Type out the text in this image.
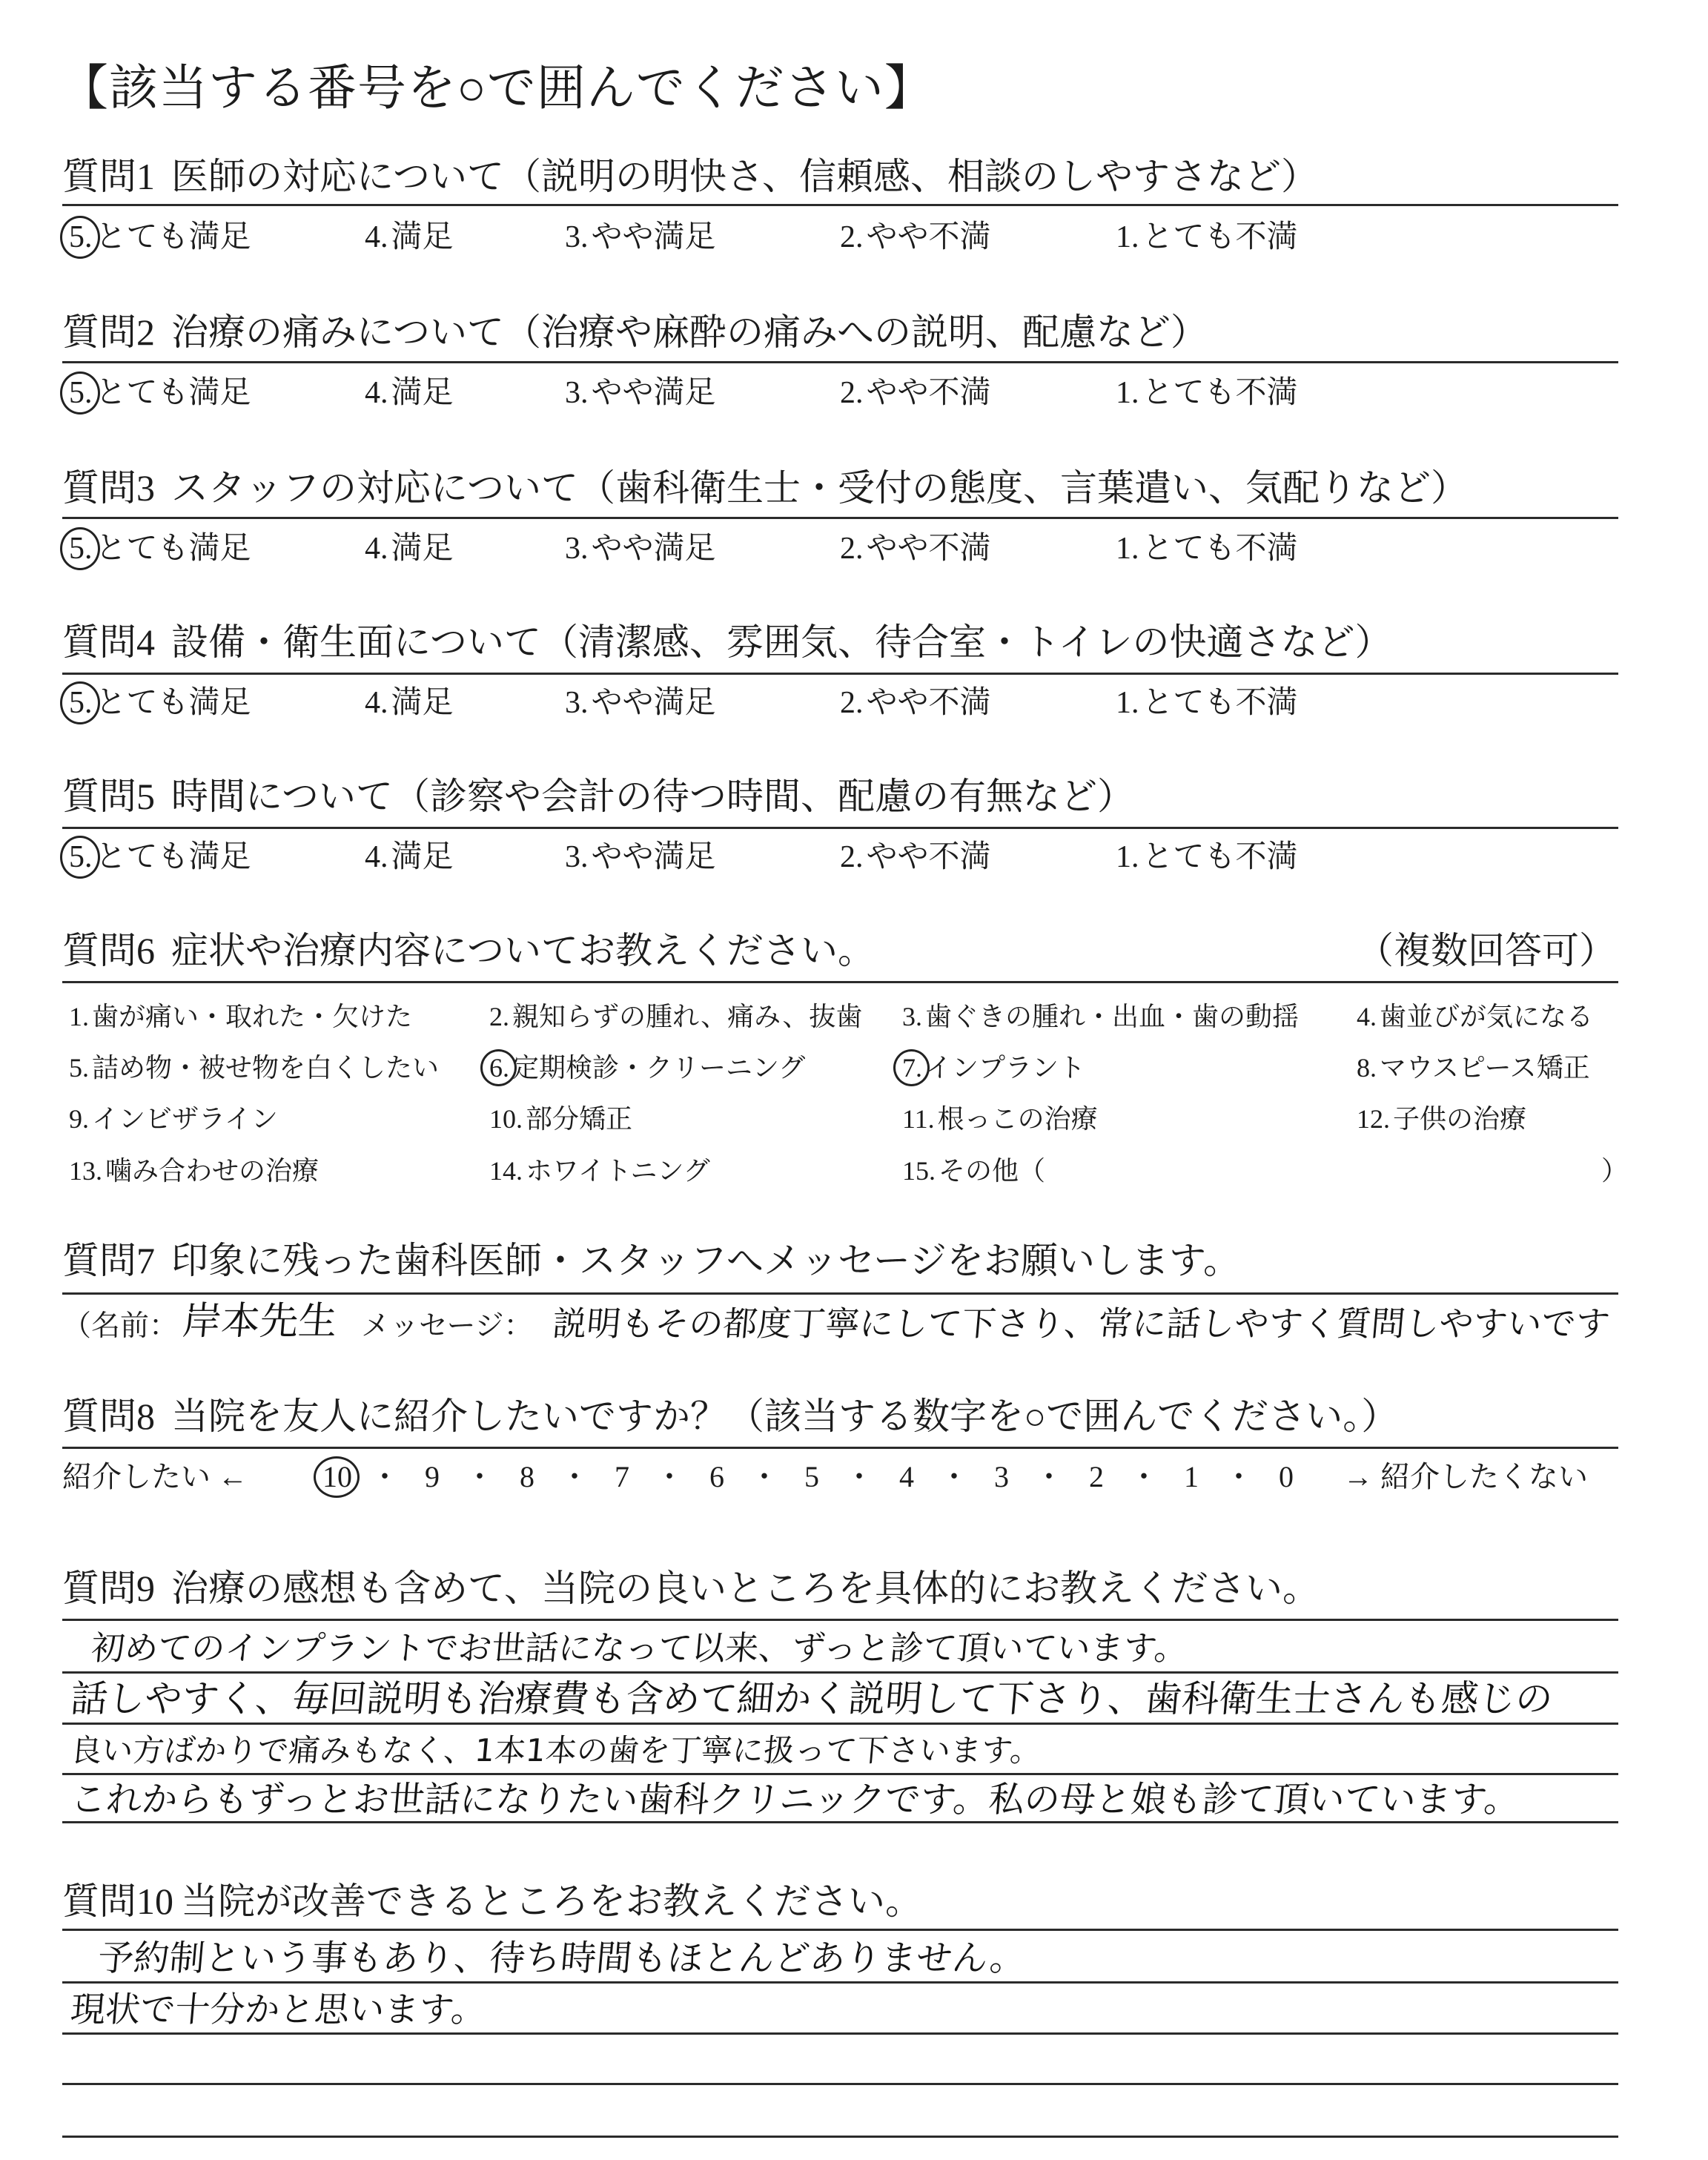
【該当する番号を○で囲んでください】
質問1 医師の対応について（説明の明快さ、信頼感、相談のしやすさなど）
5.とても満足	4.満足	3.やや満足	2.やや不満	1.とても不満
質問2 治療の痛みについて（治療や麻酔の痛みへの説明、配慮など）
5.とても満足	4.満足	3.やや満足	2.やや不満	1.とても不満
質問3 スタッフの対応について（歯科衛生士・受付の態度、言葉遣い、気配りなど）
5.とても満足	4.満足	3.やや満足	2.やや不満	1.とても不満
質問4 設備・衛生面について（清潔感、雰囲気、待合室・トイレの快適さなど）
5.とても満足	4.満足	3.やや満足	2.やや不満	1.とても不満
質問5 時間について（診察や会計の待つ時間、配慮の有無など）
5.とても満足	4.満足	3.やや満足	2.やや不満	1.とても不満
質問6 症状や治療内容についてお教えください。	（複数回答可）
1. 歯が痛い・取れた・欠けた	2. 親知らずの腫れ、痛み、抜歯 3. 歯ぐきの腫れ・出血・歯の動揺 4. 歯並びが気になる
5. 詰め物・被せ物を白くしたい 6. 定期検診・クリーニング	7. インプラント	8. マウスピース矯正
9. インビザライン	10. 部分矯正	11. 根っこの治療	12. 子供の治療
13. 噛み合わせの治療	14. ホワイトニング	15. その他（	）
質問7 印象に残った歯科医師・スタッフへメッセージをお願いします。
（名前： 岸本先生 メッセージ： 説明もその都度丁寧にして下さり、常に話しやすく質問しやすいです
質問8 当院を友人に紹介したいですか？（該当する数字を○で囲んでください。）
紹介したい ←	10 ・ 9 ・ 8 ・ 7 ・ 6 ・ 5 ・ 4 ・ 3 ・ 2 ・ 1 ・ 0	→ 紹介したくない
質問9 治療の感想も含めて、当院の良いところを具体的にお教えください。
初めてのインプラントでお世話になって以来、ずっと診て頂いています。
話しやすく、毎回説明も治療費も含めて細かく説明して下さり、歯科衛生士さんも感じの
良い方ばかりで痛みもなく、1本1本の歯を丁寧に扱って下さいます。
これからもずっとお世話になりたい歯科クリニックです。私の母と娘も診て頂いています。
質問10 当院が改善できるところをお教えください。
予約制という事もあり、待ち時間もほとんどありません。
現状で十分かと思います。
